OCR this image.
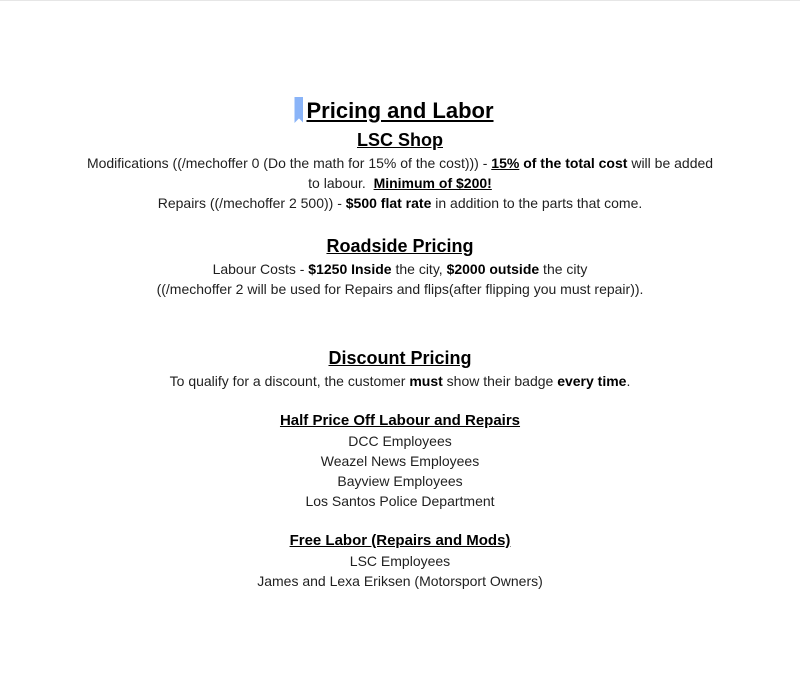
Pricing and Labor
LSC Shop
Modifications ((/mechoffer 0 (Do the math for 15% of the cost))) - 15% of the total cost will be added to labour.  Minimum of $200!
Repairs ((/mechoffer 2 500)) - $500 flat rate in addition to the parts that come.
Roadside Pricing
Labour Costs - $1250 Inside the city, $2000 outside the city
((/mechoffer 2 will be used for Repairs and flips(after flipping you must repair)).
Discount Pricing
To qualify for a discount, the customer must show their badge every time.
Half Price Off Labour and Repairs
DCC Employees
Weazel News Employees
Bayview Employees
Los Santos Police Department
Free Labor (Repairs and Mods)
LSC Employees
James and Lexa Eriksen (Motorsport Owners)
